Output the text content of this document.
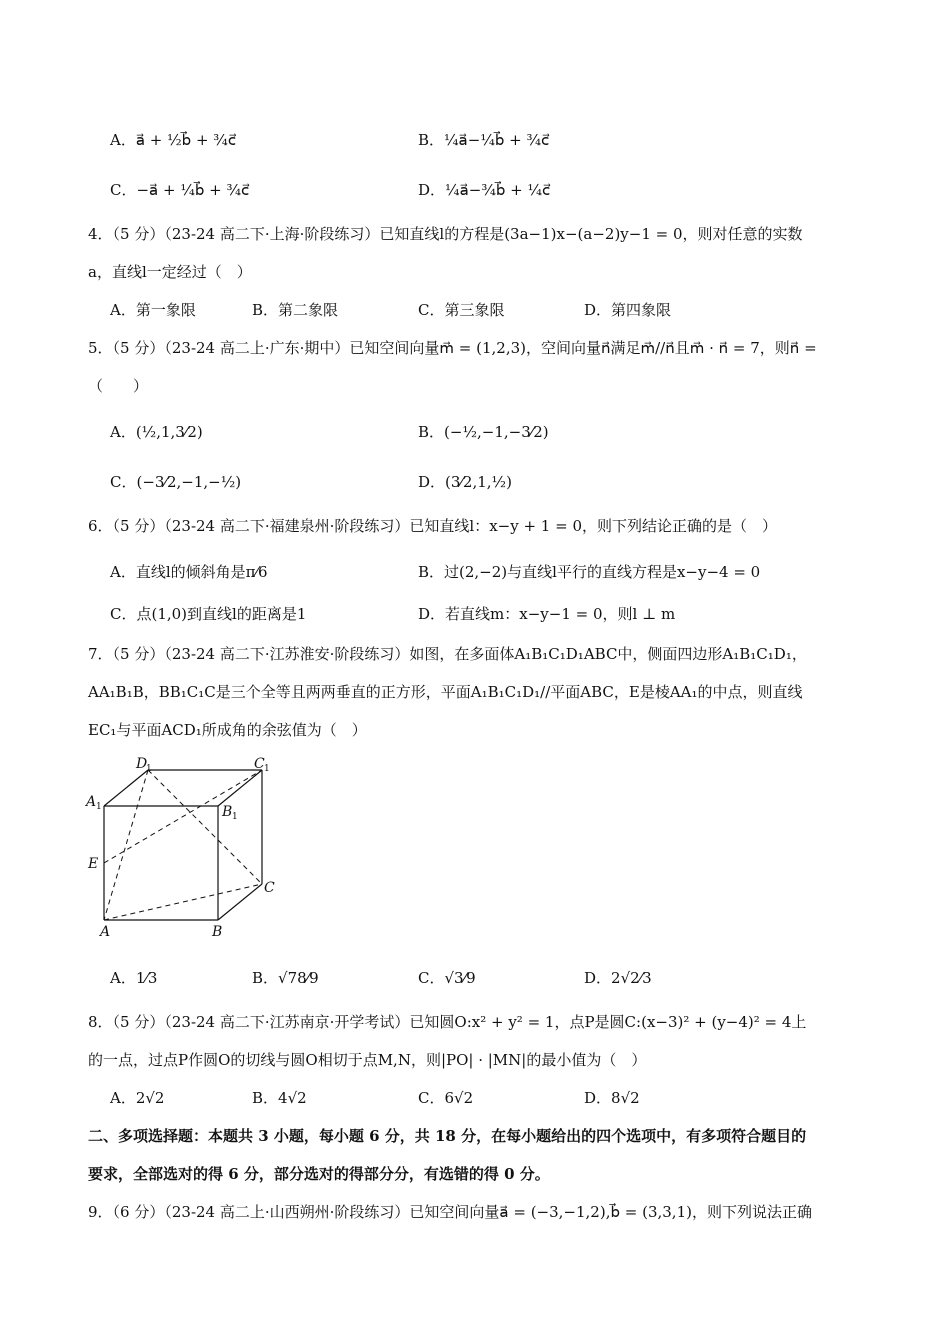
A．a⃗ + ½b⃗ + ¾c⃗	B．¼a⃗−¼b⃗ + ¾c⃗
C．−a⃗ + ¼b⃗ + ¾c⃗	D．¼a⃗−¾b⃗ + ¼c⃗
4．（5 分）（23-24 高二下·上海·阶段练习）已知直线l的方程是(3a−1)x−(a−2)y−1 = 0，则对任意的实数
a，直线l一定经过（　）
A．第一象限	B．第二象限	C．第三象限	D．第四象限
5．（5 分）（23-24 高二上·广东·期中）已知空间向量m⃗ = (1,2,3)，空间向量n⃗满足m⃗//n⃗且m⃗ · n⃗ = 7，则n⃗ =
（　　）
A．(½,1,3⁄2)	B．(−½,−1,−3⁄2)
C．(−3⁄2,−1,−½)	D．(3⁄2,1,½)
6．（5 分）（23-24 高二下·福建泉州·阶段练习）已知直线l：x−y + 1 = 0，则下列结论正确的是（　）
A．直线l的倾斜角是π⁄6	B．过(2,−2)与直线l平行的直线方程是x−y−4 = 0
C．点(1,0)到直线l的距离是1	D．若直线m：x−y−1 = 0，则l ⊥ m
7．（5 分）（23-24 高二下·江苏淮安·阶段练习）如图，在多面体A₁B₁C₁D₁ABC中，侧面四边形A₁B₁C₁D₁，
AA₁B₁B，BB₁C₁C是三个全等且两两垂直的正方形，平面A₁B₁C₁D₁//平面ABC，E是棱AA₁的中点，则直线
EC₁与平面ACD₁所成角的余弦值为（　）
D
1	C 1
A 1	B 1
E
C
A	B
A．1⁄3	B．√78⁄9	C．√3⁄9	D．2√2⁄3
8．（5 分）（23-24 高二下·江苏南京·开学考试）已知圆O:x² + y² = 1，点P是圆C:(x−3)² + (y−4)² = 4上
的一点，过点P作圆O的切线与圆O相切于点M,N，则|PO| · |MN|的最小值为（　）
A．2√2	B．4√2	C．6√2	D．8√2
二、多项选择题：本题共 3 小题，每小题 6 分，共 18 分，在每小题给出的四个选项中，有多项符合题目的
要求，全部选对的得 6 分，部分选对的得部分分，有选错的得 0 分。
9．（6 分）（23-24 高二上·山西朔州·阶段练习）已知空间向量a⃗ = (−3,−1,2),b⃗ = (3,3,1)，则下列说法正确
